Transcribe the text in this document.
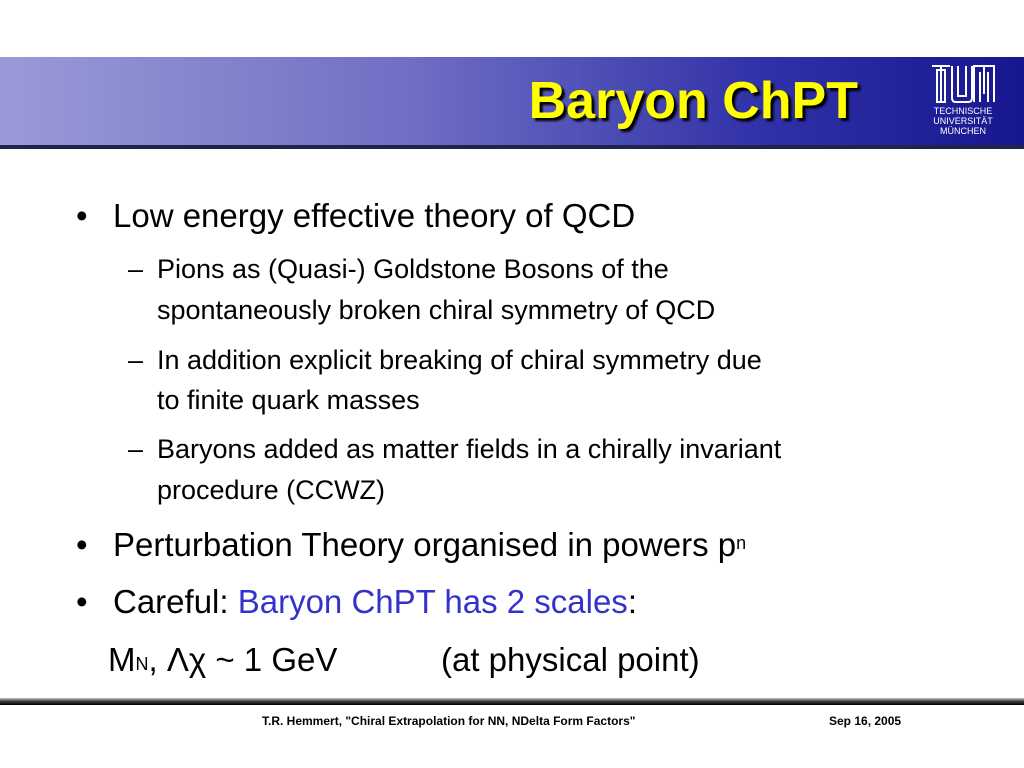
Baryon ChPT	TECHNISCHE
UNIVERSITÄT
MÜNCHEN
• Low energy effective theory of QCD
– Pions as (Quasi-) Goldstone Bosons of the
spontaneously broken chiral symmetry of QCD
– In addition explicit breaking of chiral symmetry due
to finite quark masses
– Baryons added as matter fields in a chirally invariant
procedure (CCWZ)
• Perturbation Theory organised in powers $p^n$
• Careful: Baryon ChPT has 2 scales:
$M_N$, Λχ ~ 1 GeV	(at physical point)
T.R. Hemmert, "Chiral Extrapolation for NN, NDelta Form Factors"	Sep 16, 2005
